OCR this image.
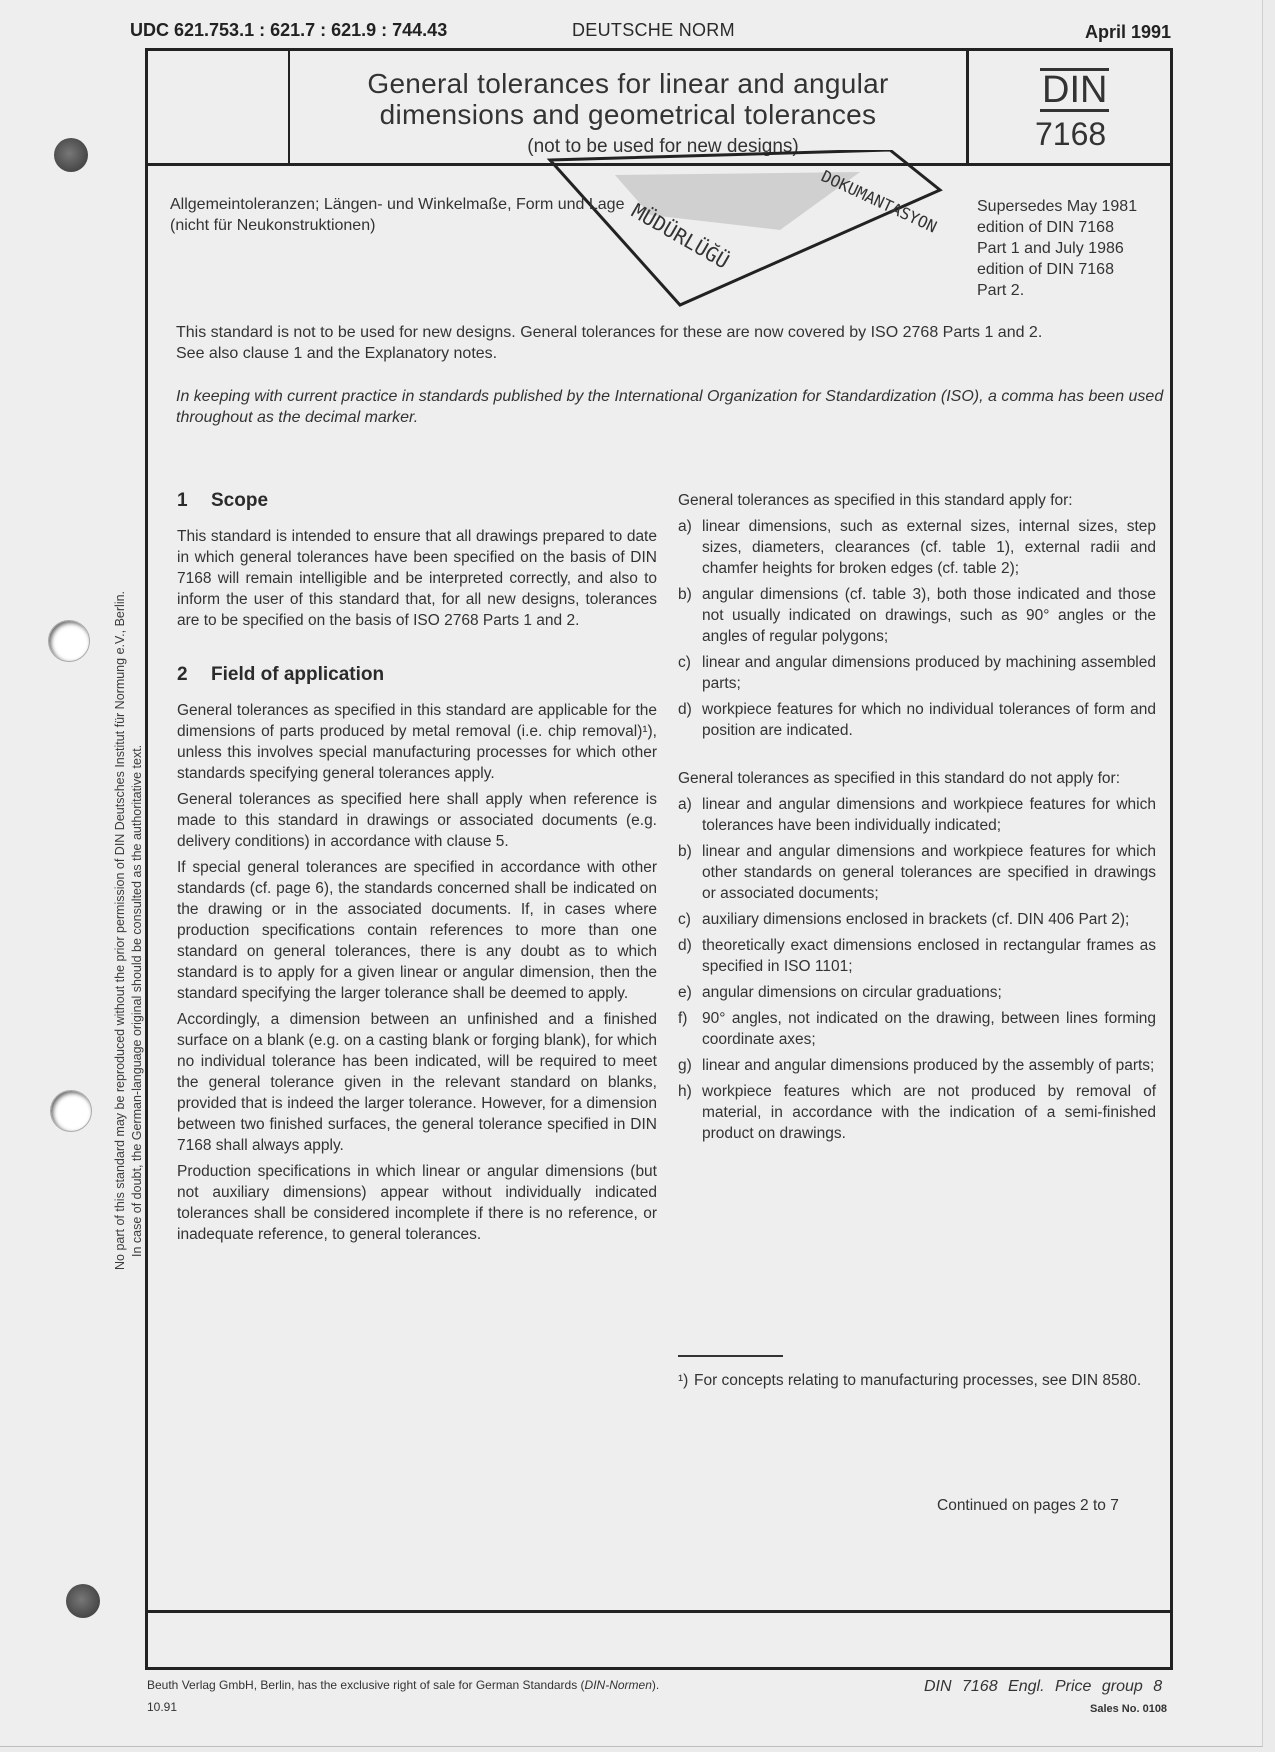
UDC 621.753.1 : 621.7 : 621.9 : 744.43	DEUTSCHE NORM	April 1991
General tolerances for linear and angular
dimensions and geometrical tolerances
(not to be used for new designs)
DIN
7168
DOKUMANTASYON
MÜDÜRLÜĞÜ
Allgemeintoleranzen; Längen- und Winkelmaße, Form und Lage
(nicht für Neukonstruktionen)
Supersedes May 1981
edition of DIN 7168
Part 1 and July 1986
edition of DIN 7168
Part 2.
This standard is not to be used for new designs. General tolerances for these are now covered by ISO 2768 Parts 1 and 2.
See also clause 1 and the Explanatory notes.
In keeping with current practice in standards published by the International Organization for Standardization (ISO), a comma has been used throughout as the decimal marker.
1 Scope

This standard is intended to ensure that all drawings prepared to date in which general tolerances have been specified on the basis of DIN 7168 will remain intelligible and be interpreted correctly, and also to inform the user of this standard that, for all new designs, tolerances are to be specified on the basis of ISO 2768 Parts 1 and 2.

2 Field of application

General tolerances as specified in this standard are applicable for the dimensions of parts produced by metal removal (i.e. chip removal)¹), unless this involves special manufacturing processes for which other standards specifying general tolerances apply.

General tolerances as specified here shall apply when reference is made to this standard in drawings or associated documents (e.g. delivery conditions) in accordance with clause 5.

If special general tolerances are specified in accordance with other standards (cf. page 6), the standards concerned shall be indicated on the drawing or in the associated documents. If, in cases where production specifications contain references to more than one standard on general tolerances, there is any doubt as to which standard is to apply for a given linear or angular dimension, then the standard specifying the larger tolerance shall be deemed to apply.

Accordingly, a dimension between an unfinished and a finished surface on a blank (e.g. on a casting blank or forging blank), for which no individual tolerance has been indicated, will be required to meet the general tolerance given in the relevant standard on blanks, provided that is indeed the larger tolerance. However, for a dimension between two finished surfaces, the general tolerance specified in DIN 7168 shall always apply.

Production specifications in which linear or angular dimensions (but not auxiliary dimensions) appear without individually indicated tolerances shall be considered incomplete if there is no reference, or inadequate reference, to general tolerances.

General tolerances as specified in this standard apply for:

a) linear dimensions, such as external sizes, internal sizes, step sizes, diameters, clearances (cf. table 1), external radii and chamfer heights for broken edges (cf. table 2);
b) angular dimensions (cf. table 3), both those indicated and those not usually indicated on drawings, such as 90° angles or the angles of regular polygons;
c) linear and angular dimensions produced by machining assembled parts;
d) workpiece features for which no individual tolerances of form and position are indicated.

General tolerances as specified in this standard do not apply for:

a) linear and angular dimensions and workpiece features for which tolerances have been individually indicated;
b) linear and angular dimensions and workpiece features for which other standards on general tolerances are specified in drawings or associated documents;
c) auxiliary dimensions enclosed in brackets (cf. DIN 406 Part 2);
d) theoretically exact dimensions enclosed in rectangular frames as specified in ISO 1101;
e) angular dimensions on circular graduations;
f) 90° angles, not indicated on the drawing, between lines forming coordinate axes;
g) linear and angular dimensions produced by the assembly of parts;
h) workpiece features which are not produced by removal of material, in accordance with the indication of a semi-finished product on drawings.
¹) For concepts relating to manufacturing processes, see DIN 8580.
Continued on pages 2 to 7
No part of this standard may be reproduced without the prior permission of DIN Deutsches Institut für Normung e.V., Berlin. In case of doubt, the German-language original should be consulted as the authoritative text.
Beuth Verlag GmbH, Berlin, has the exclusive right of sale for German Standards (DIN-Normen).
10.91
DIN 7168 Engl. Price group 8
Sales No. 0108
